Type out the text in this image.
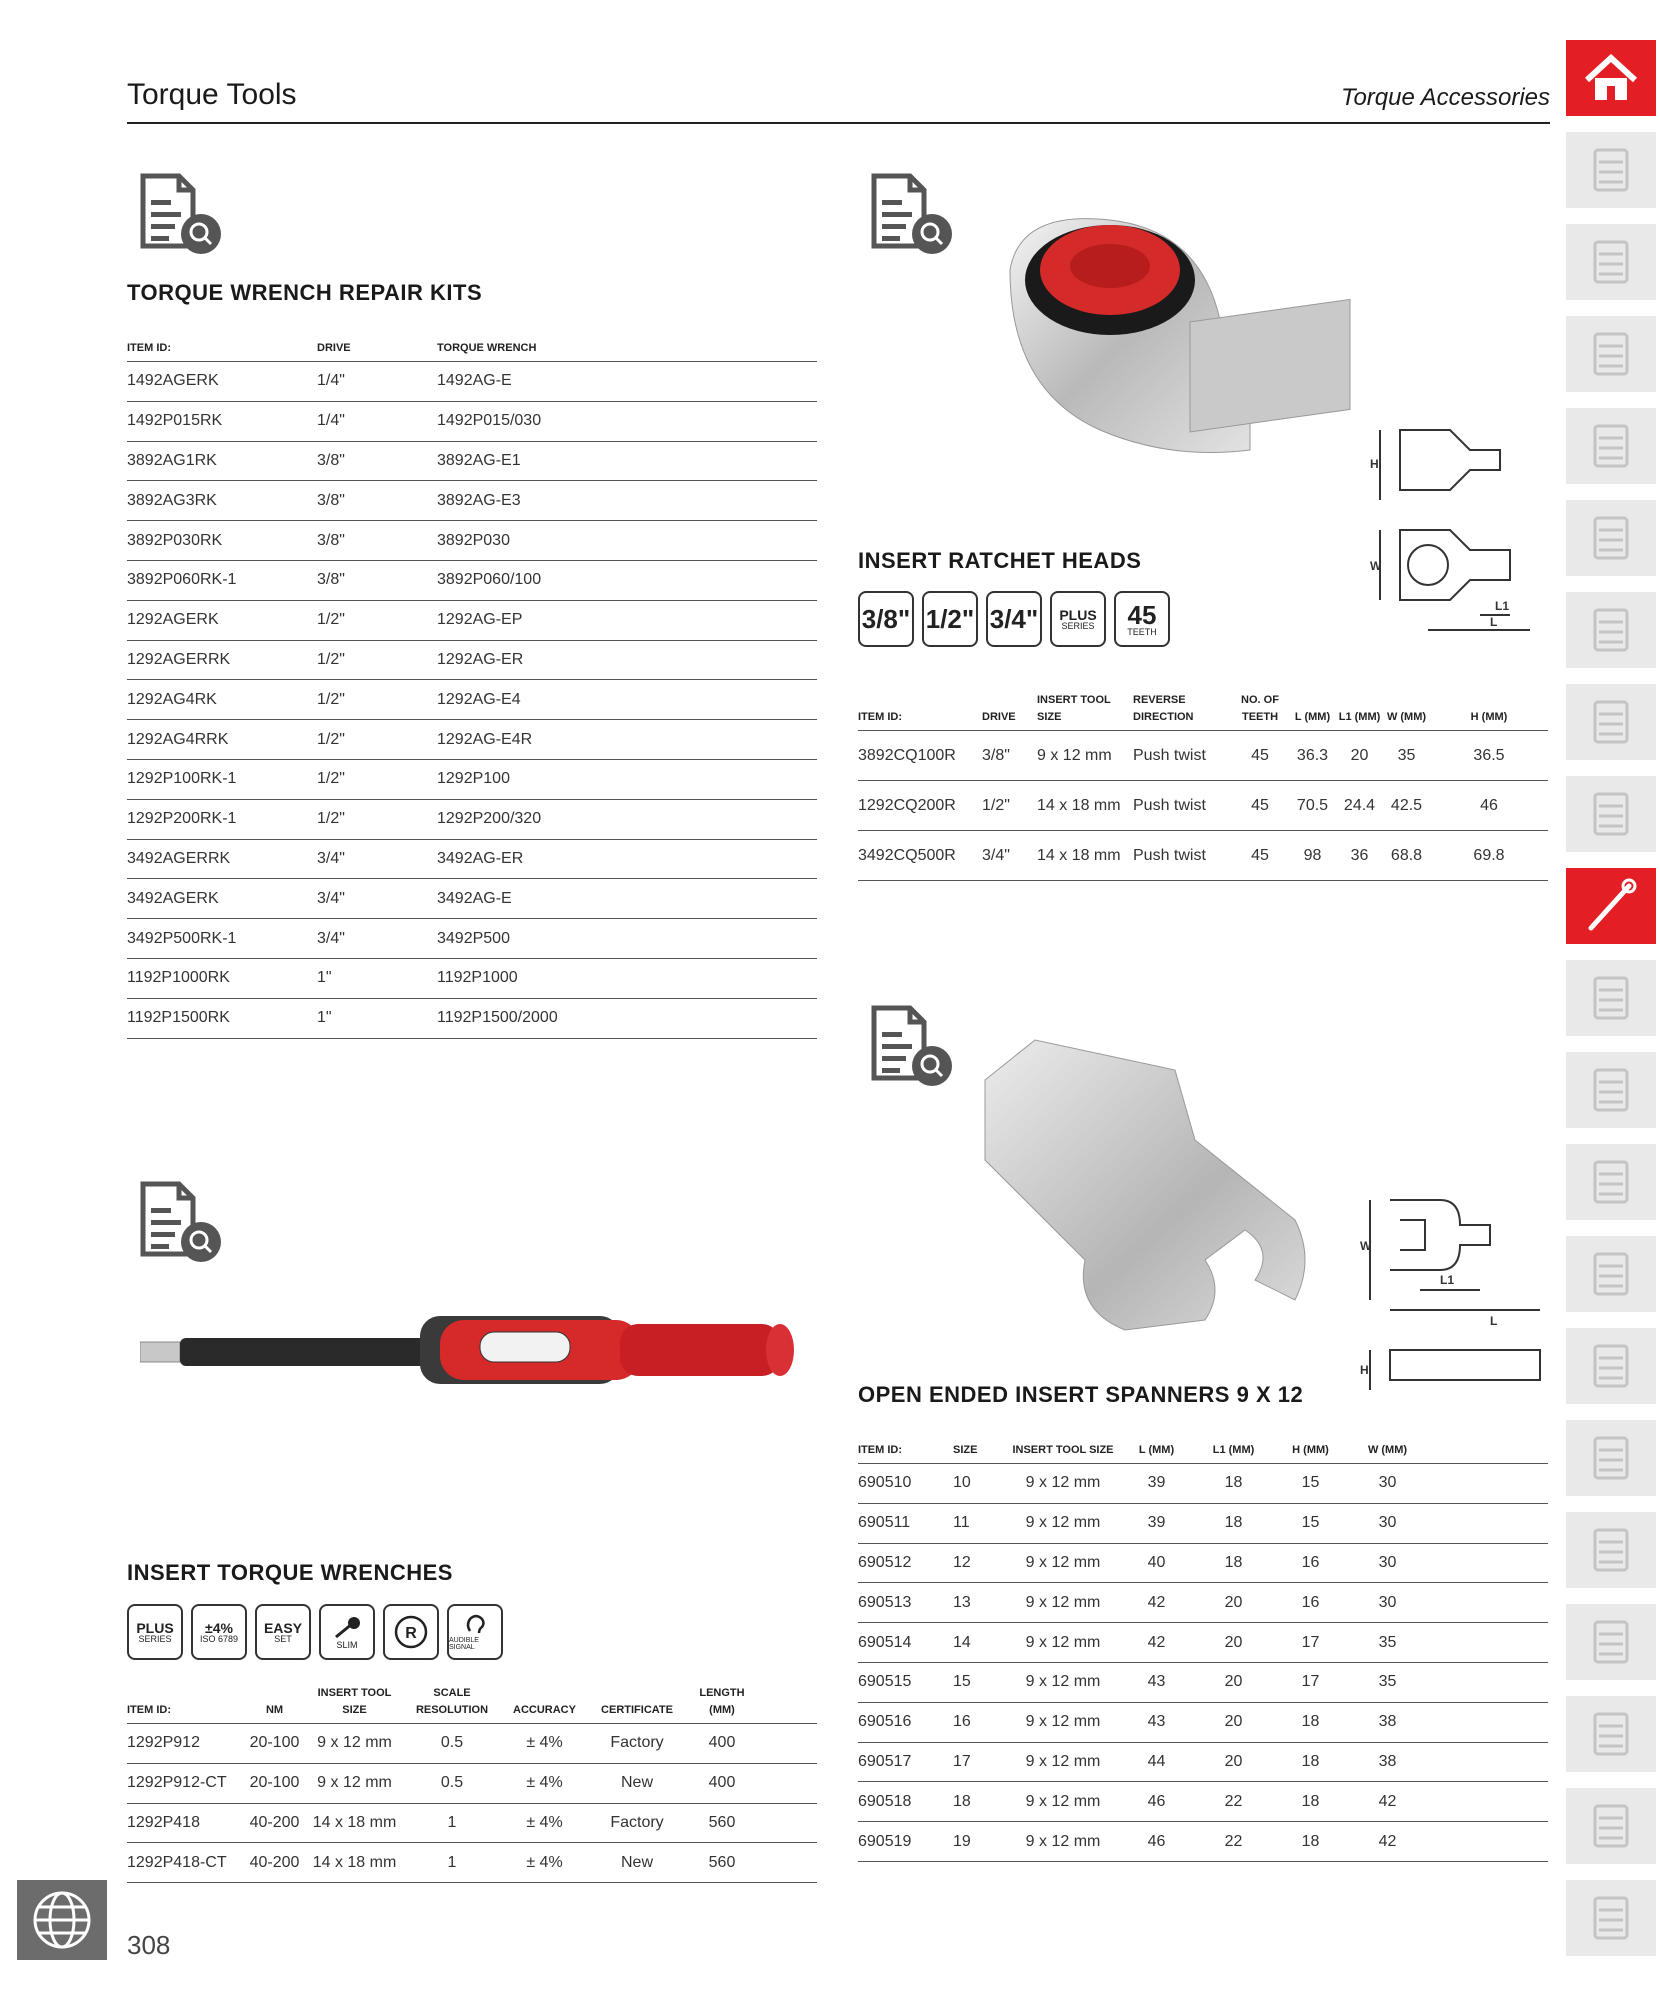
Torque Tools	Torque Accessories
TORQUE WRENCH REPAIR KITS
ITEM ID:	DRIVE	TORQUE WRENCH
1492AGERK	1/4"	1492AG-E
1492P015RK	1/4"	1492P015/030
3892AG1RK	3/8"	3892AG-E1
3892AG3RK	3/8"	3892AG-E3
3892P030RK	3/8"	3892P030
3892P060RK-1	3/8"	3892P060/100
1292AGERK	1/2"	1292AG-EP
1292AGERRK	1/2"	1292AG-ER
1292AG4RK	1/2"	1292AG-E4
1292AG4RRK	1/2"	1292AG-E4R
1292P100RK-1	1/2"	1292P100
1292P200RK-1	1/2"	1292P200/320
3492AGERRK	3/4"	3492AG-ER
3492AGERK	3/4"	3492AG-E
3492P500RK-1	3/4"	3492P500
1192P1000RK	1"	1192P1000
1192P1500RK	1"	1192P1500/2000
H
W
L1
L
INSERT RATCHET HEADS
3/8" 1/2" 3/4" PLUS
SERIES 45
TEETH
ITEM ID:	DRIVE	INSERT TOOL SIZE	REVERSE DIRECTION	NO. OF TEETH	L (MM)	L1 (MM)	W (MM)	H (MM)
3892CQ100R	3/8"	9 x 12 mm	Push twist	45	36.3	20	35	36.5
1292CQ200R	1/2"	14 x 18 mm	Push twist	45	70.5	24.4	42.5	46
3492CQ500R	3/4"	14 x 18 mm	Push twist	45	98	36	68.8	69.8
W
L1
L
H
OPEN ENDED INSERT SPANNERS 9 X 12
ITEM ID:	SIZE	INSERT TOOL SIZE	L (MM)	L1 (MM)	H (MM)	W (MM)	
690510	10	9 x 12 mm	39	18	15	30	
690511	11	9 x 12 mm	39	18	15	30	
690512	12	9 x 12 mm	40	18	16	30	
690513	13	9 x 12 mm	42	20	16	30	
690514	14	9 x 12 mm	42	20	17	35	
690515	15	9 x 12 mm	43	20	17	35	
690516	16	9 x 12 mm	43	20	18	38	
690517	17	9 x 12 mm	44	20	18	38	
690518	18	9 x 12 mm	46	22	18	42	
690519	19	9 x 12 mm	46	22	18	42	
INSERT TORQUE WRENCHES
PLUS
SERIES
±4%
ISO 6789
EASY
SET
SLIM
R	AUDIBLE SIGNAL
ITEM ID:	NM	INSERT TOOL SIZE	SCALE RESOLUTION	ACCURACY	CERTIFICATE	LENGTH (MM)	
1292P912	20-100	9 x 12 mm	0.5	± 4%	Factory	400	
1292P912-CT	20-100	9 x 12 mm	0.5	± 4%	New	400	
1292P418	40-200	14 x 18 mm	1	± 4%	Factory	560	
1292P418-CT	40-200	14 x 18 mm	1	± 4%	New	560	
308
